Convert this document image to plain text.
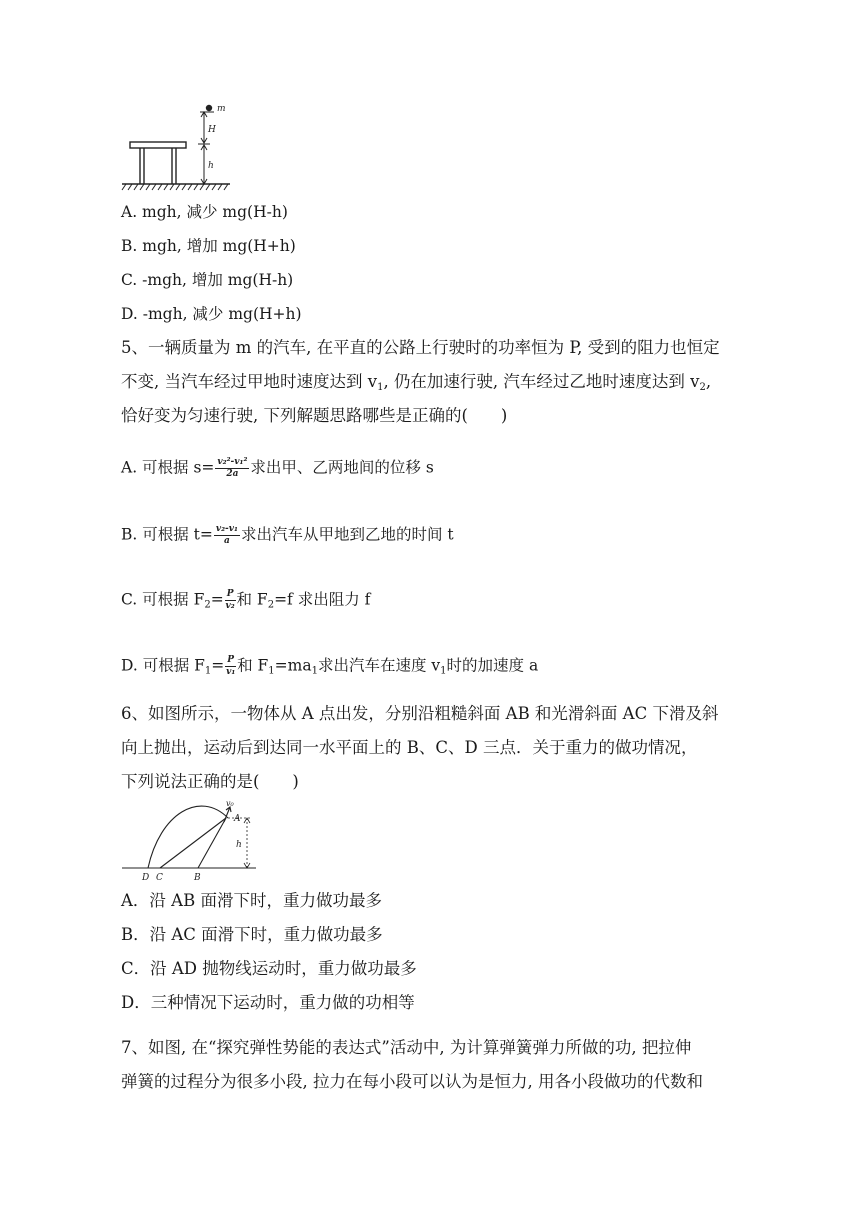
m
H
h
A. mgh, 减少 mg(H-h)
B. mgh, 增加 mg(H+h)
C. -mgh, 增加 mg(H-h)
D. -mgh, 减少 mg(H+h)
5、一辆质量为 m 的汽车, 在平直的公路上行驶时的功率恒为 P, 受到的阻力也恒定
不变, 当汽车经过甲地时速度达到 $v_1$, 仍在加速行驶, 汽车经过乙地时速度达到 $v_2$,
恰好变为匀速行驶, 下列解题思路哪些是正确的(　　)
A. 可根据 $s= \frac{\text{v₂²-v₁²}}{2a}$ 求出甲、乙两地间的位移 s
B. 可根据 $t= \frac{\text{v₂-v₁}}{a}$ 求出汽车从甲地到乙地的时间 t
C. 可根据 $F_2= \frac{P}{\text{v₂}}$ 和 $F_2=f$ 求出阻力 f
D. 可根据 $F_1= \frac{P}{\text{v₁}}$ 和 $F_1=ma_1$求出汽车在速度 $v_1$时的加速度 a
6、如图所示，一物体从 A 点出发，分别沿粗糙斜面 AB 和光滑斜面 AC 下滑及斜
向上抛出，运动后到达同一水平面上的 B、C、D 三点．关于重力的做功情况，
下列说法正确的是(　　)
v₀
A
h
D C	B
A．沿 AB 面滑下时，重力做功最多
B．沿 AC 面滑下时，重力做功最多
C．沿 AD 抛物线运动时，重力做功最多
D．三种情况下运动时，重力做的功相等
7、如图, 在“探究弹性势能的表达式”活动中, 为计算弹簧弹力所做的功, 把拉伸
弹簧的过程分为很多小段, 拉力在每小段可以认为是恒力, 用各小段做功的代数和
